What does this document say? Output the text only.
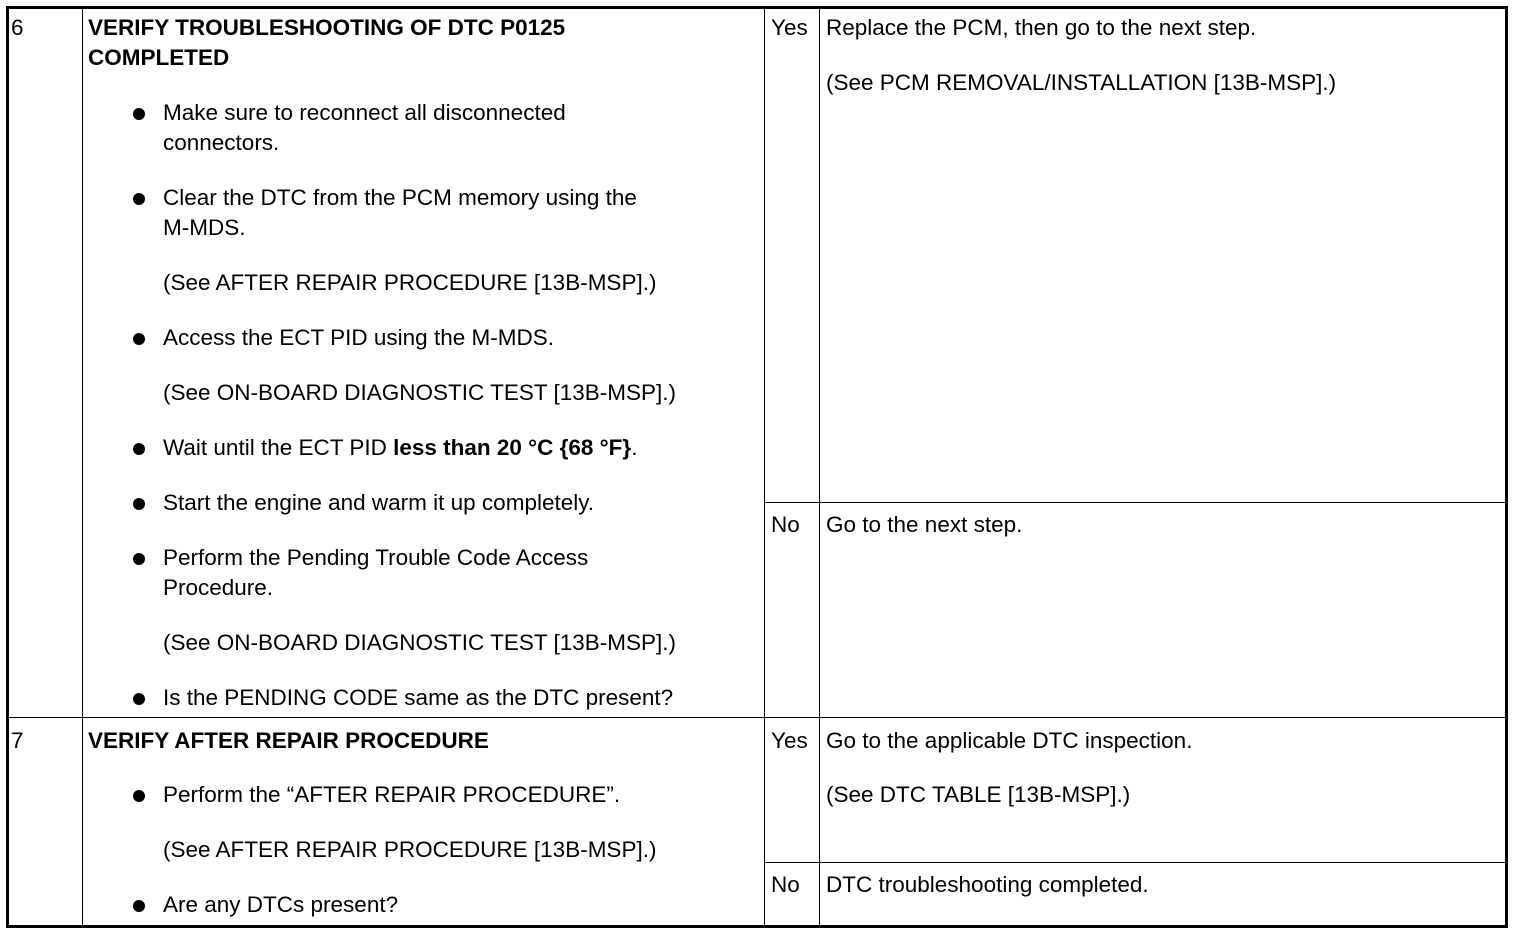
6	VERIFY TROUBLESHOOTING OF DTC P0125
COMPLETED
Make sure to reconnect all disconnected
connectors.
Clear the DTC from the PCM memory using the
M-MDS.
(See AFTER REPAIR PROCEDURE [13B-MSP].)
Access the ECT PID using the M-MDS.
(See ON-BOARD DIAGNOSTIC TEST [13B-MSP].)
Wait until the ECT PID less than 20 °C {68 °F}.
Start the engine and warm it up completely.
Perform the Pending Trouble Code Access
Procedure.
(See ON-BOARD DIAGNOSTIC TEST [13B-MSP].)
Is the PENDING CODE same as the DTC present?
Yes Replace the PCM, then go to the next step.
(See PCM REMOVAL/INSTALLATION [13B-MSP].)
No Go to the next step.
7	VERIFY AFTER REPAIR PROCEDURE
Perform the “AFTER REPAIR PROCEDURE”.
(See AFTER REPAIR PROCEDURE [13B-MSP].)
Are any DTCs present?
Yes Go to the applicable DTC inspection.
(See DTC TABLE [13B-MSP].)
No DTC troubleshooting completed.
